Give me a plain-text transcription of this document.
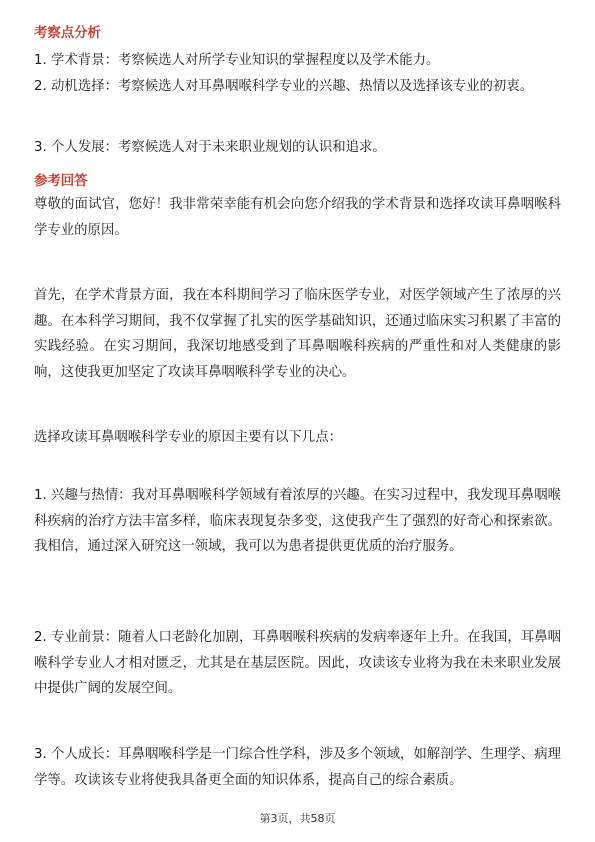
考察点分析
1. 学术背景：考察候选人对所学专业知识的掌握程度以及学术能力。
2. 动机选择：考察候选人对耳鼻咽喉科学专业的兴趣、热情以及选择该专业的初衷。
3. 个人发展：考察候选人对于未来职业规划的认识和追求。
参考回答
尊敬的面试官，您好！我非常荣幸能有机会向您介绍我的学术背景和选择攻读耳鼻咽喉科学专业的原因。
首先，在学术背景方面，我在本科期间学习了临床医学专业，对医学领域产生了浓厚的兴趣。在本科学习期间，我不仅掌握了扎实的医学基础知识，还通过临床实习积累了丰富的实践经验。在实习期间，我深切地感受到了耳鼻咽喉科疾病的严重性和对人类健康的影响，这使我更加坚定了攻读耳鼻咽喉科学专业的决心。
选择攻读耳鼻咽喉科学专业的原因主要有以下几点：
1. 兴趣与热情：我对耳鼻咽喉科学领域有着浓厚的兴趣。在实习过程中，我发现耳鼻咽喉科疾病的治疗方法丰富多样，临床表现复杂多变，这使我产生了强烈的好奇心和探索欲。我相信，通过深入研究这一领域，我可以为患者提供更优质的治疗服务。
2. 专业前景：随着人口老龄化加剧，耳鼻咽喉科疾病的发病率逐年上升。在我国，耳鼻咽喉科学专业人才相对匮乏，尤其是在基层医院。因此，攻读该专业将为我在未来职业发展中提供广阔的发展空间。
3. 个人成长：耳鼻咽喉科学是一门综合性学科，涉及多个领域，如解剖学、生理学、病理学等。攻读该专业将使我具备更全面的知识体系，提高自己的综合素质。
第3页，共58页
